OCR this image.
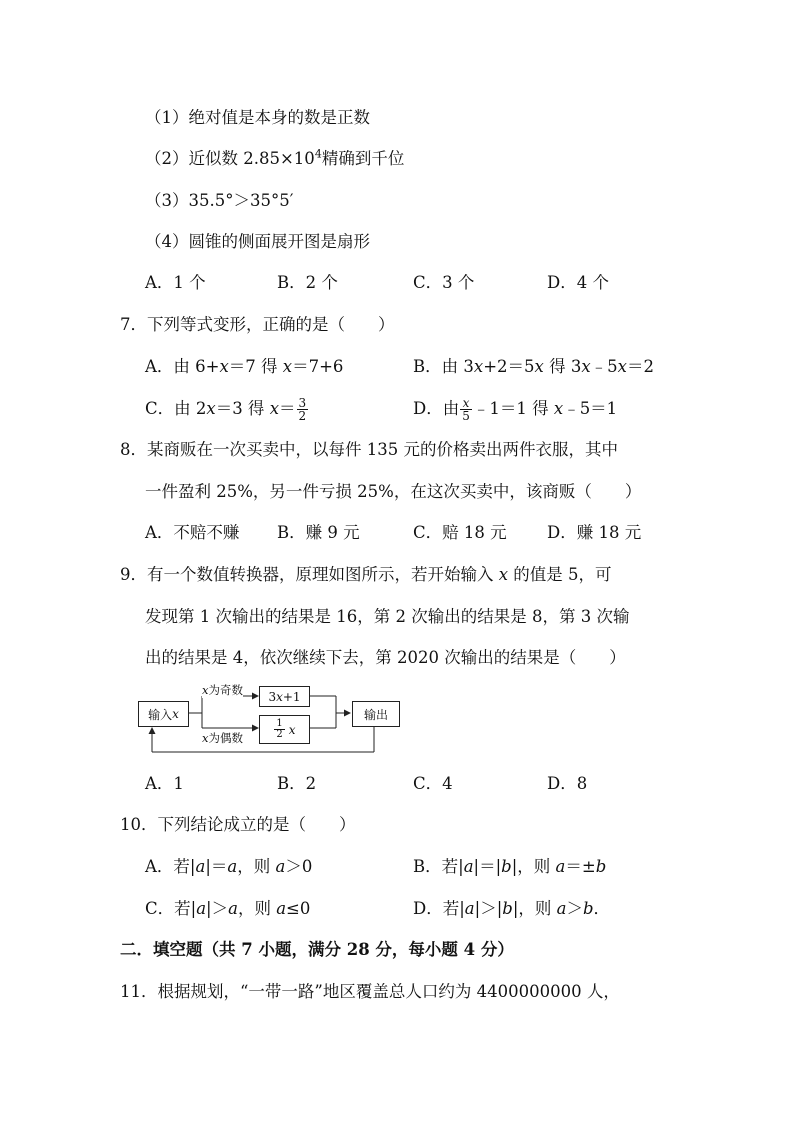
（1）绝对值是本身的数是正数
（2）近似数 $2.85\times 10^4$精确到千位
（3）35.5°＞35°5′
（4）圆锥的侧面展开图是扇形
A．1 个	B．2 个	C．3 个	D．4 个
7．下列等式变形，正确的是（　　）
A．由 6+x＝7 得 x＝7+6	B．由 3x+2＝5x 得 3x﹣5x＝2
C．由 2x＝3 得 $x= \frac{3}{2}$	D．由 $\frac{x}{5}$ ﹣1＝1 得 x﹣5＝1
8．某商贩在一次买卖中，以每件 135 元的价格卖出两件衣服，其中
一件盈利 25%，另一件亏损 25%，在这次买卖中，该商贩（　　）
A．不赔不赚 B．赚 9 元	C．赔 18 元 D．赚 18 元
9．有一个数值转换器，原理如图所示，若开始输入 x 的值是 5，可
发现第 1 次输出的结果是 16，第 2 次输出的结果是 8，第 3 次输
出的结果是 4，依次继续下去，第 2020 次输出的结果是（　　）
输入 x
x为奇数 3 x +1
x为偶数	$\frac{1}{2}$ x
输出
A．1	B．2	C．4	D．8
10．下列结论成立的是（　　）
A．若|a|＝a，则 a＞0	B．若|a|＝|b|，则 a＝±b
C．若|a|＞a，则 a≤0	D．若|a|＞|b|，则 a＞b．
二．填空题（共 7 小题，满分 28 分，每小题 4 分）
11．根据规划，“一带一路”地区覆盖总人口约为 4400000000 人，
